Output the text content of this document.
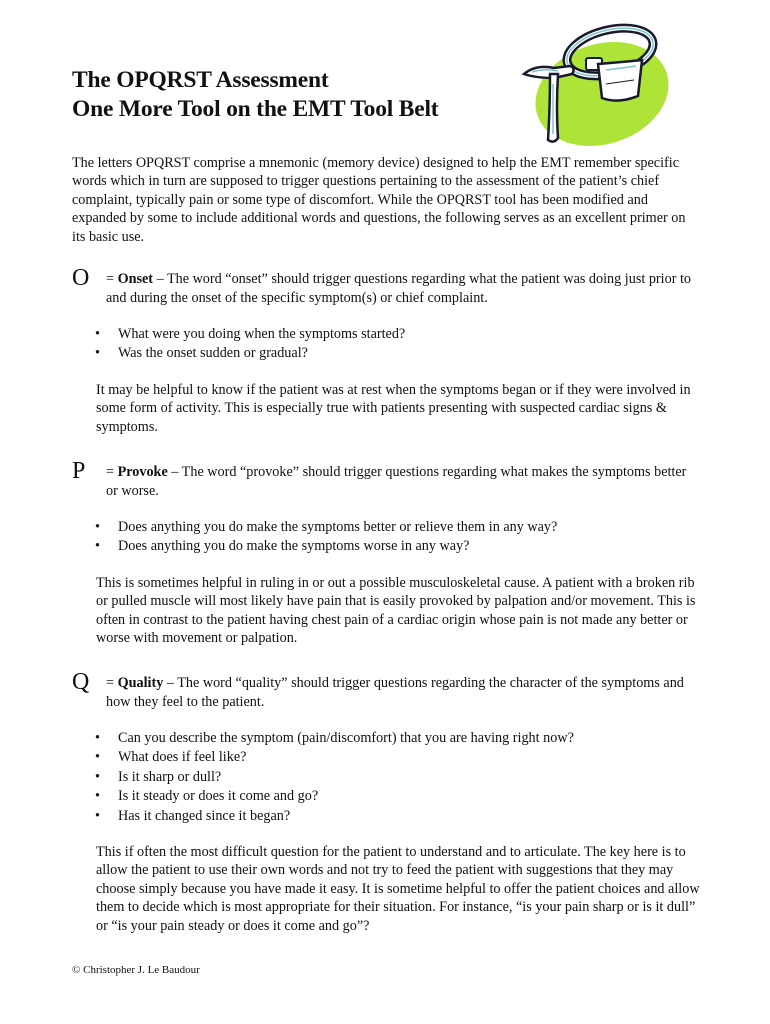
The OPQRST Assessment
One More Tool on the EMT Tool Belt

The letters OPQRST comprise a mnemonic (memory device) designed to help the EMT remember specific words which in turn are supposed to trigger questions pertaining to the assessment of the patient’s chief complaint, typically pain or some type of discomfort. While the OPQRST tool has been modified and expanded by some to include additional words and questions, the following serves as an excellent primer on its basic use.

O = Onset – The word “onset” should trigger questions regarding what the patient was doing just prior to and during the onset of the specific symptom(s) or chief complaint.

• What were you doing when the symptoms started?
• Was the onset sudden or gradual?

It may be helpful to know if the patient was at rest when the symptoms began or if they were involved in some form of activity. This is especially true with patients presenting with suspected cardiac signs & symptoms.

P = Provoke – The word “provoke” should trigger questions regarding what makes the symptoms better or worse.

• Does anything you do make the symptoms better or relieve them in any way?
• Does anything you do make the symptoms worse in any way?

This is sometimes helpful in ruling in or out a possible musculoskeletal cause. A patient with a broken rib or pulled muscle will most likely have pain that is easily provoked by palpation and/or movement. This is often in contrast to the patient having chest pain of a cardiac origin whose pain is not made any better or worse with movement or palpation.

Q = Quality – The word “quality” should trigger questions regarding the character of the symptoms and how they feel to the patient.

• Can you describe the symptom (pain/discomfort) that you are having right now?
• What does if feel like?
• Is it sharp or dull?
• Is it steady or does it come and go?
• Has it changed since it began?

This if often the most difficult question for the patient to understand and to articulate. The key here is to allow the patient to use their own words and not try to feed the patient with suggestions that they may choose simply because you have made it easy. It is sometime helpful to offer the patient choices and allow them to decide which is most appropriate for their situation. For instance, “is your pain sharp or is it dull” or “is your pain steady or does it come and go”?

© Christopher J. Le Baudour
